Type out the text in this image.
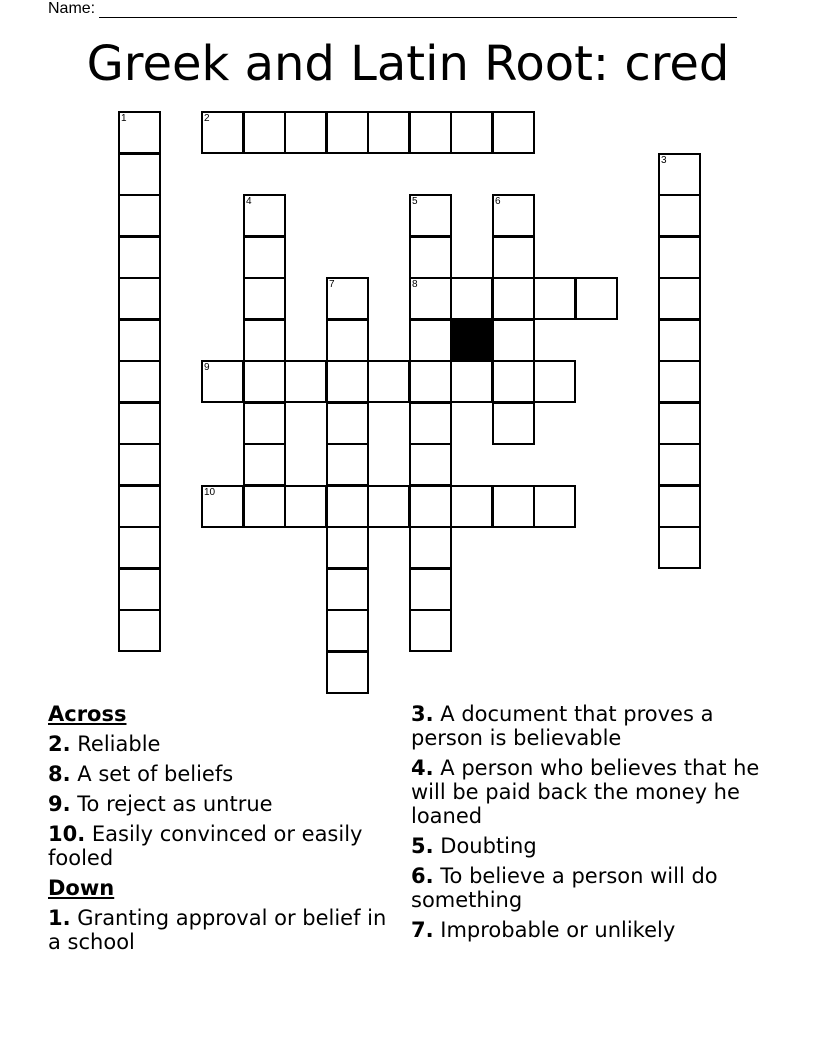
Name:
Greek and Latin Root: cred
1	2
3
4	5
8
6
7
9
10
Across
2. Reliable
8. A set of beliefs
9. To reject as untrue
10. Easily convinced or easily fooled
Down
1. Granting approval or belief in a school
3. A document that proves a person is believable
4. A person who believes that he will be paid back the money he loaned
5. Doubting
6. To believe a person will do something
7. Improbable or unlikely
